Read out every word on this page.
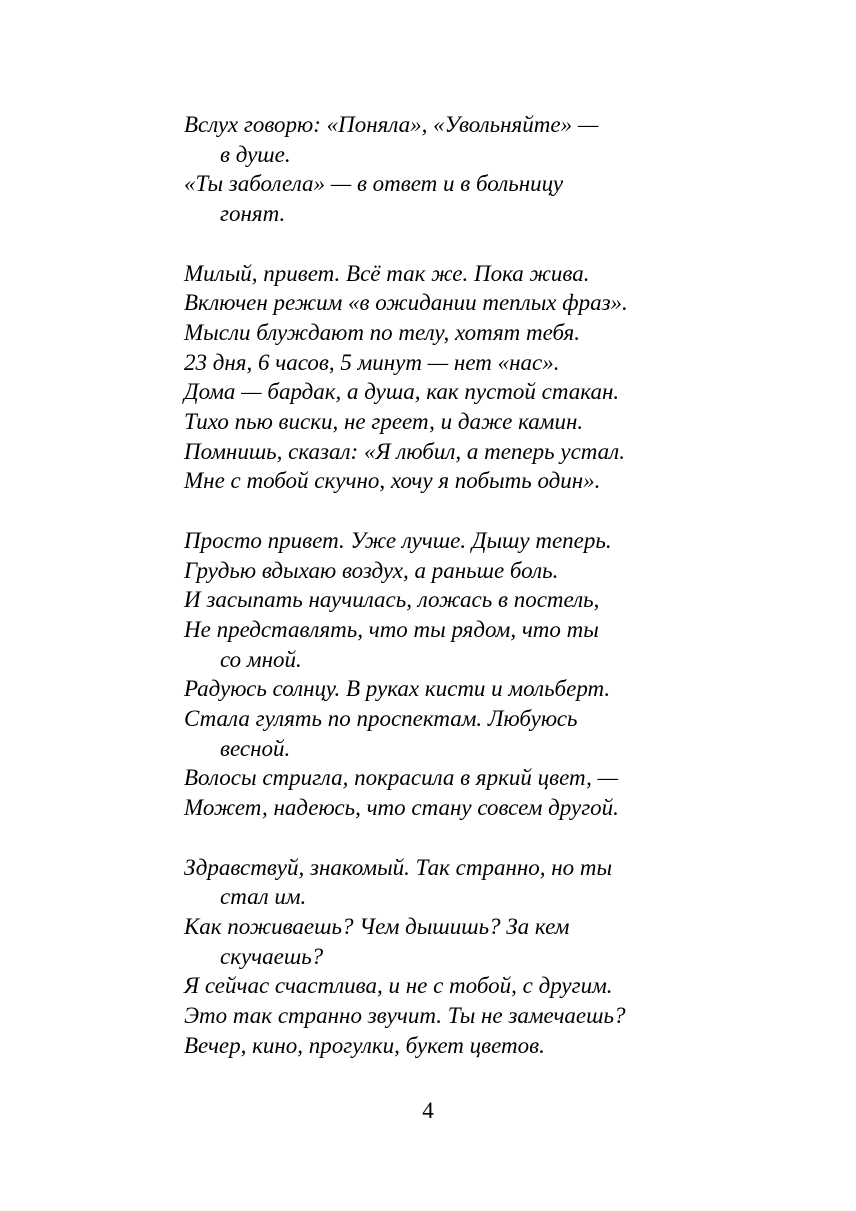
Вслух говорю: «Поняла», «Увольняйте» —
в душе.
«Ты заболела» — в ответ и в больницу
гонят.
Милый, привет. Всё так же. Пока жива.
Включен режим «в ожидании теплых фраз».
Мысли блуждают по телу, хотят тебя.
23 дня, 6 часов, 5 минут — нет «нас».
Дома — бардак, а душа, как пустой стакан.
Тихо пью виски, не греет, и даже камин.
Помнишь, сказал: «Я любил, а теперь устал.
Мне с тобой скучно, хочу я побыть один».
Просто привет. Уже лучше. Дышу теперь.
Грудью вдыхаю воздух, а раньше боль.
И засыпать научилась, ложась в постель,
Не представлять, что ты рядом, что ты
со мной.
Радуюсь солнцу. В руках кисти и мольберт.
Стала гулять по проспектам. Любуюсь
весной.
Волосы стригла, покрасила в яркий цвет, —
Может, надеюсь, что стану совсем другой.
Здравствуй, знакомый. Так странно, но ты
стал им.
Как поживаешь? Чем дышишь? За кем
скучаешь?
Я сейчас счастлива, и не с тобой, с другим.
Это так странно звучит. Ты не замечаешь?
Вечер, кино, прогулки, букет цветов.
4
